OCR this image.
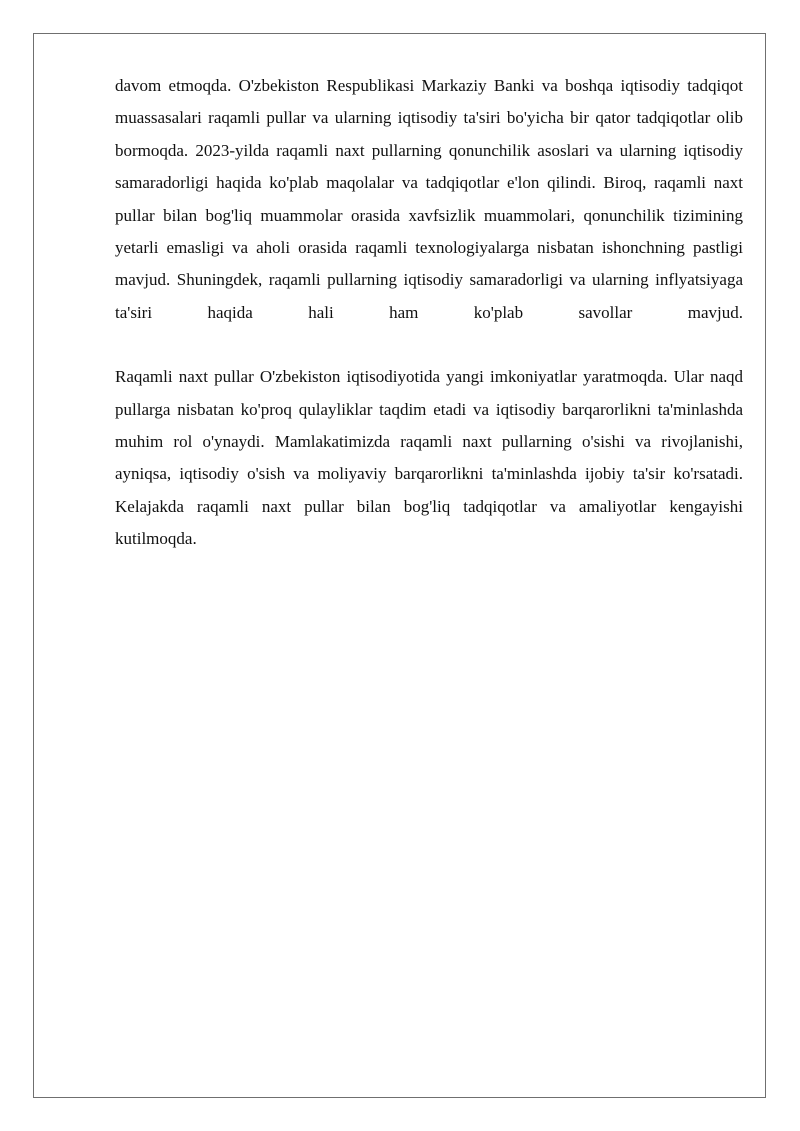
davom etmoqda. O'zbekiston Respublikasi Markaziy Banki va boshqa iqtisodiy tadqiqot muassasalari raqamli pullar va ularning iqtisodiy ta'siri bo'yicha bir qator tadqiqotlar olib bormoqda. 2023-yilda raqamli naxt pullarning qonunchilik asoslari va ularning iqtisodiy samaradorligi haqida ko'plab maqolalar va tadqiqotlar e'lon qilindi. Biroq, raqamli naxt pullar bilan bog'liq muammolar orasida xavfsizlik muammolari, qonunchilik tizimining yetarli emasligi va aholi orasida raqamli texnologiyalarga nisbatan ishonchning pastligi mavjud. Shuningdek, raqamli pullarning iqtisodiy samaradorligi va ularning inflyatsiyaga ta'siri haqida hali ham ko'plab savollar mavjud.

Raqamli naxt pullar O'zbekiston iqtisodiyotida yangi imkoniyatlar yaratmoqda. Ular naqd pullarga nisbatan ko'proq qulayliklar taqdim etadi va iqtisodiy barqarorlikni ta'minlashda muhim rol o'ynaydi. Mamlakatimizda raqamli naxt pullarning o'sishi va rivojlanishi, ayniqsa, iqtisodiy o'sish va moliyaviy barqarorlikni ta'minlashda ijobiy ta'sir ko'rsatadi. Kelajakda raqamli naxt pullar bilan bog'liq tadqiqotlar va amaliyotlar kengayishi kutilmoqda.
